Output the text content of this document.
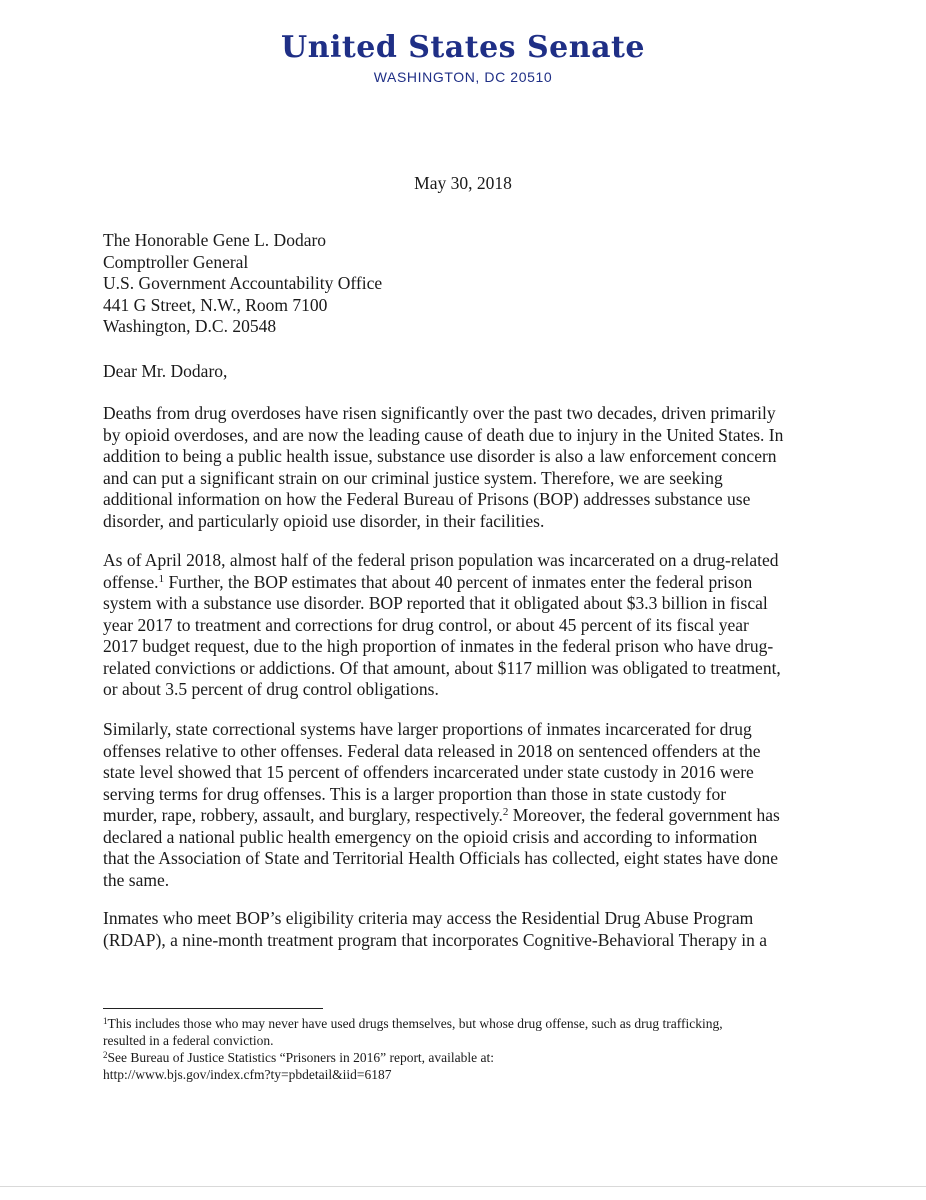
United States Senate
WASHINGTON, DC 20510
May 30, 2018
The Honorable Gene L. Dodaro
Comptroller General
U.S. Government Accountability Office
441 G Street, N.W., Room 7100
Washington, D.C. 20548
Dear Mr. Dodaro,
Deaths from drug overdoses have risen significantly over the past two decades, driven primarily
by opioid overdoses, and are now the leading cause of death due to injury in the United States. In
addition to being a public health issue, substance use disorder is also a law enforcement concern
and can put a significant strain on our criminal justice system. Therefore, we are seeking
additional information on how the Federal Bureau of Prisons (BOP) addresses substance use
disorder, and particularly opioid use disorder, in their facilities.
As of April 2018, almost half of the federal prison population was incarcerated on a drug-related
offense.$^1$ Further, the BOP estimates that about 40 percent of inmates enter the federal prison
system with a substance use disorder. BOP reported that it obligated about $3.3 billion in fiscal
year 2017 to treatment and corrections for drug control, or about 45 percent of its fiscal year
2017 budget request, due to the high proportion of inmates in the federal prison who have drug-
related convictions or addictions. Of that amount, about $117 million was obligated to treatment,
or about 3.5 percent of drug control obligations.
Similarly, state correctional systems have larger proportions of inmates incarcerated for drug
offenses relative to other offenses. Federal data released in 2018 on sentenced offenders at the
state level showed that 15 percent of offenders incarcerated under state custody in 2016 were
serving terms for drug offenses. This is a larger proportion than those in state custody for
murder, rape, robbery, assault, and burglary, respectively.$^2$ Moreover, the federal government has
declared a national public health emergency on the opioid crisis and according to information
that the Association of State and Territorial Health Officials has collected, eight states have done
the same.
Inmates who meet BOP’s eligibility criteria may access the Residential Drug Abuse Program
(RDAP), a nine-month treatment program that incorporates Cognitive-Behavioral Therapy in a
$^1$This includes those who may never have used drugs themselves, but whose drug offense, such as drug trafficking,
resulted in a federal conviction.
$^2$See Bureau of Justice Statistics “Prisoners in 2016” report, available at:
http://www.bjs.gov/index.cfm?ty=pbdetail&iid=6187
